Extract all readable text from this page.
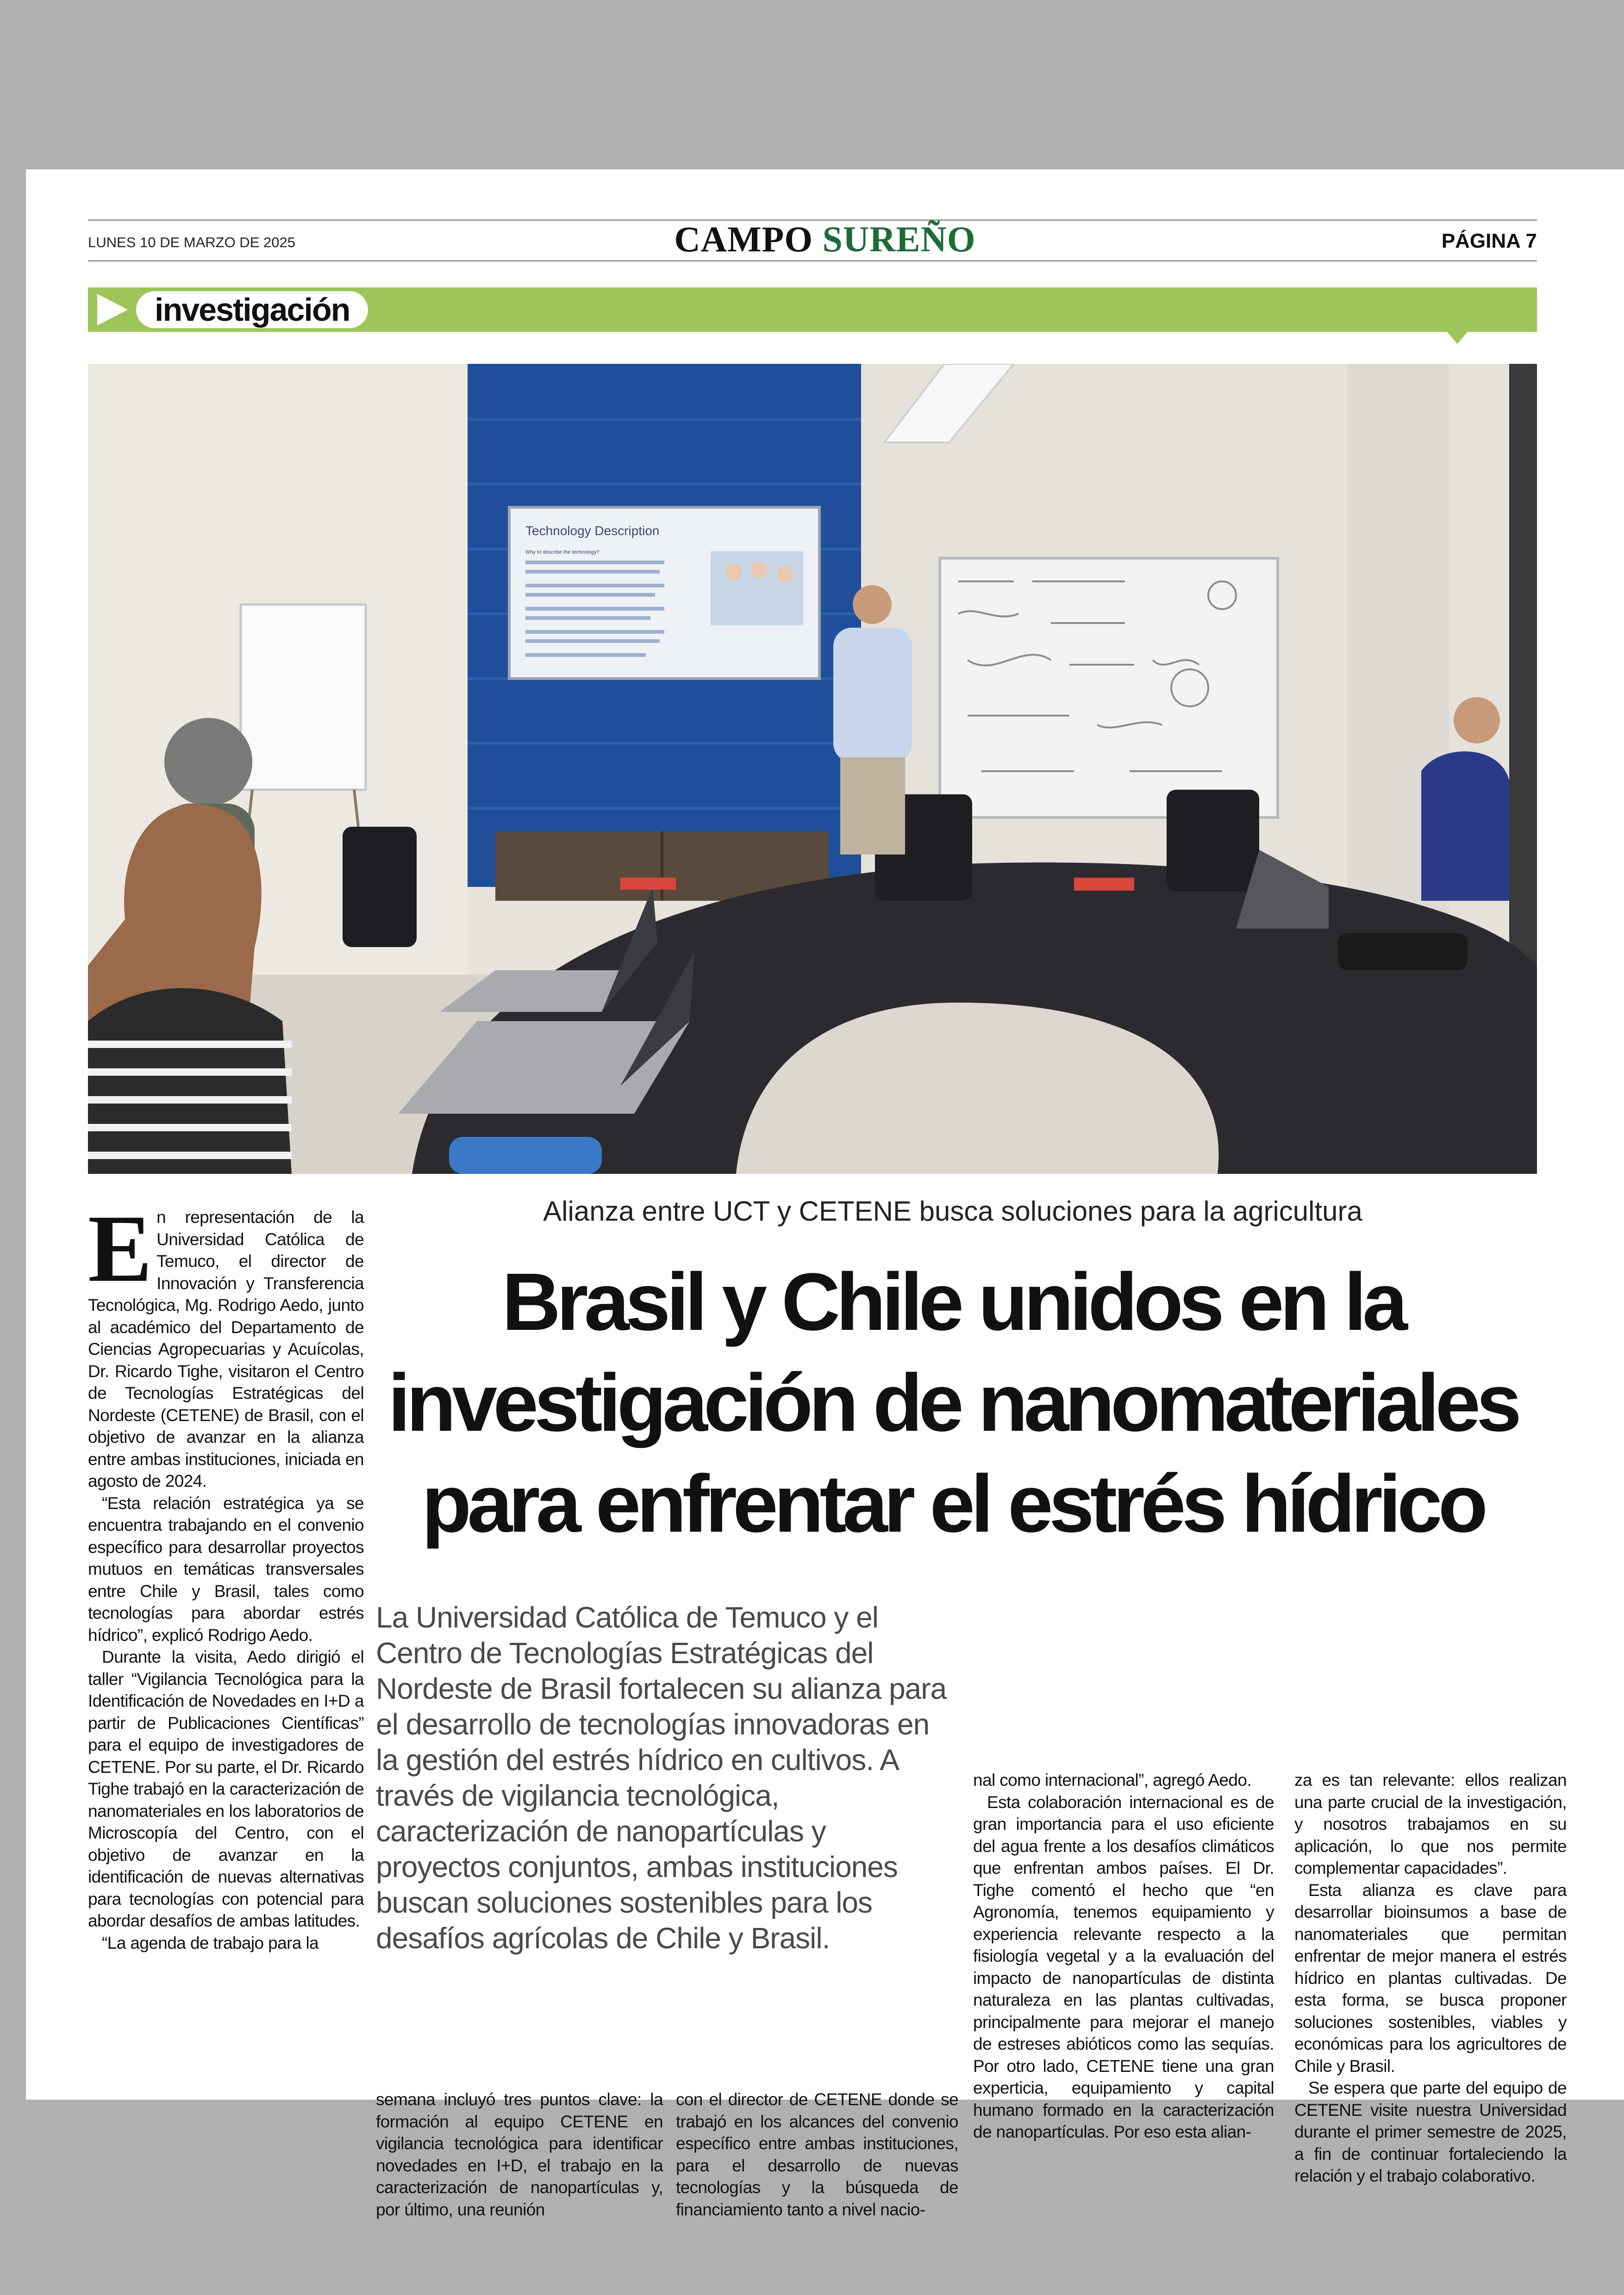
LUNES 10 DE MARZO DE 2025	CAMPO SUREÑO	PÁGINA 7
investigación
Technology Description
Why to describe the technology?
Alianza entre UCT y CETENE busca soluciones para la agricultura
Brasil y Chile unidos en la
investigación de nanomateriales
para enfrentar el estrés hídrico

La Universidad Católica de Temuco y el Centro de Tecnologías Estratégicas del Nordeste de Brasil fortalecen su alianza para el desarrollo de tecnologías innovadoras en la gestión del estrés hídrico en cultivos. A través de vigilancia tecnológica, caracterización de nanopartículas y proyectos conjuntos, ambas instituciones buscan soluciones sostenibles para los desafíos agrícolas de Chile y Brasil.

En representación de la Universidad Católica de Temuco, el director de Innovación y Transferencia Tecnológica, Mg. Rodrigo Aedo, junto al académico del Departamento de Ciencias Agropecuarias y Acuícolas, Dr. Ricardo Tighe, visitaron el Centro de Tecnologías Estratégicas del Nordeste (CETENE) de Brasil, con el objetivo de avanzar en la alianza entre ambas instituciones, iniciada en agosto de 2024.

“Esta relación estratégica ya se encuentra trabajando en el convenio específico para desarrollar proyectos mutuos en temáticas transversales entre Chile y Brasil, tales como tecnologías para abordar estrés hídrico”, explicó Rodrigo Aedo.

Durante la visita, Aedo dirigió el taller “Vigilancia Tecnológica para la Identificación de Novedades en I+D a partir de Publicaciones Científicas” para el equipo de investigadores de CETENE. Por su parte, el Dr. Ricardo Tighe trabajó en la caracterización de nanomateriales en los laboratorios de Microscopía del Centro, con el objetivo de avanzar en la identificación de nuevas alternativas para tecnologías con potencial para abordar desafíos de ambas latitudes.

“La agenda de trabajo para la

semana incluyó tres puntos clave: la formación al equipo CETENE en vigilancia tecnológica para identificar novedades en I+D, el trabajo en la caracterización de nanopartículas y, por último, una reunión

con el director de CETENE donde se trabajó en los alcances del convenio específico entre ambas instituciones, para el desarrollo de nuevas tecnologías y la búsqueda de financiamiento tanto a nivel nacio-

nal como internacional”, agregó Aedo.

Esta colaboración internacional es de gran importancia para el uso eficiente del agua frente a los desafíos climáticos que enfrentan ambos países. El Dr. Tighe comentó el hecho que “en Agronomía, tenemos equipamiento y experiencia relevante respecto a la fisiología vegetal y a la evaluación del impacto de nanopartículas de distinta naturaleza en las plantas cultivadas, principalmente para mejorar el manejo de estreses abióticos como las sequías. Por otro lado, CETENE tiene una gran experticia, equipamiento y capital humano formado en la caracterización de nanopartículas. Por eso esta alian-

za es tan relevante: ellos realizan una parte crucial de la investigación, y nosotros trabajamos en su aplicación, lo que nos permite complementar capacidades”.

Esta alianza es clave para desarrollar bioinsumos a base de nanomateriales que permitan enfrentar de mejor manera el estrés hídrico en plantas cultivadas. De esta forma, se busca proponer soluciones sostenibles, viables y económicas para los agricultores de Chile y Brasil.

Se espera que parte del equipo de CETENE visite nuestra Universidad durante el primer semestre de 2025, a fin de continuar fortaleciendo la relación y el trabajo colaborativo.
